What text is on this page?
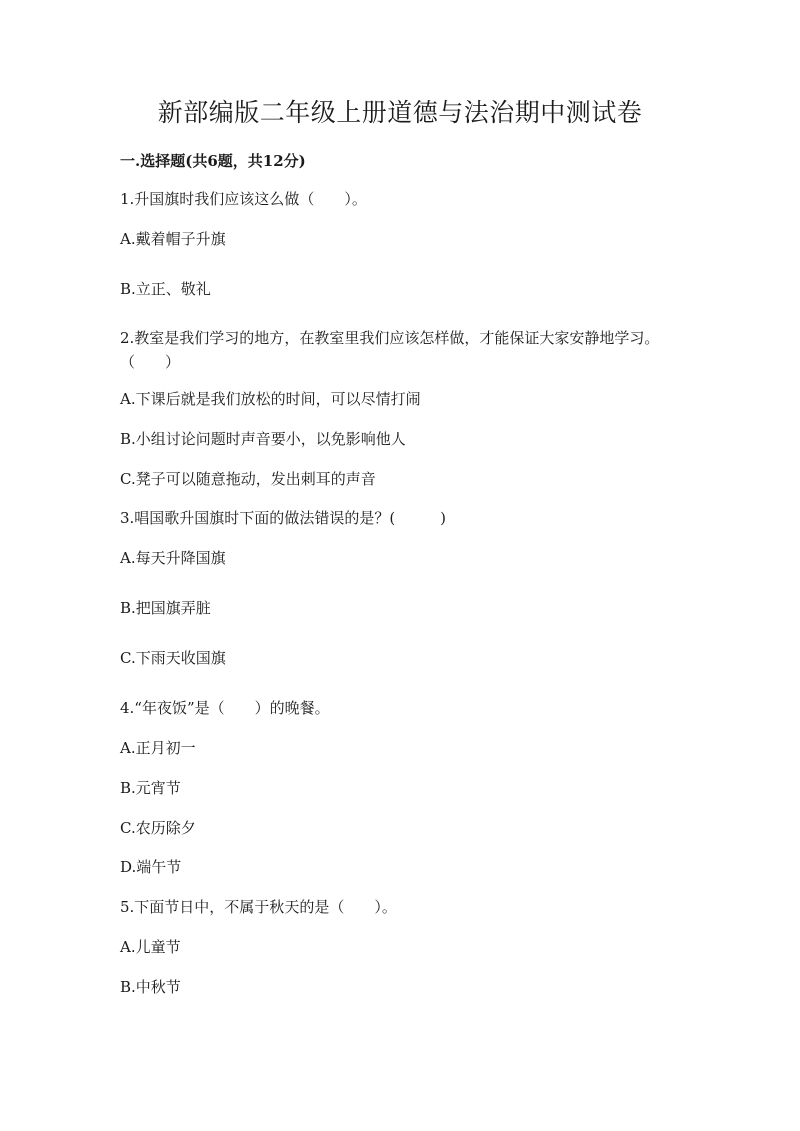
新部编版二年级上册道德与法治期中测试卷
一.选择题(共6题，共12分)
1.升国旗时我们应该这么做（　　）。
A.戴着帽子升旗
B.立正、敬礼
2.教室是我们学习的地方，在教室里我们应该怎样做，才能保证大家安静地学习。（　　）
A.下课后就是我们放松的时间，可以尽情打闹
B.小组讨论问题时声音要小，以免影响他人
C.凳子可以随意拖动，发出刺耳的声音
3.唱国歌升国旗时下面的做法错误的是？(　　　)
A.每天升降国旗
B.把国旗弄脏
C.下雨天收国旗
4.“年夜饭”是（　　）的晚餐。
A.正月初一
B.元宵节
C.农历除夕
D.端午节
5.下面节日中，不属于秋天的是（　　）。
A.儿童节
B.中秋节
